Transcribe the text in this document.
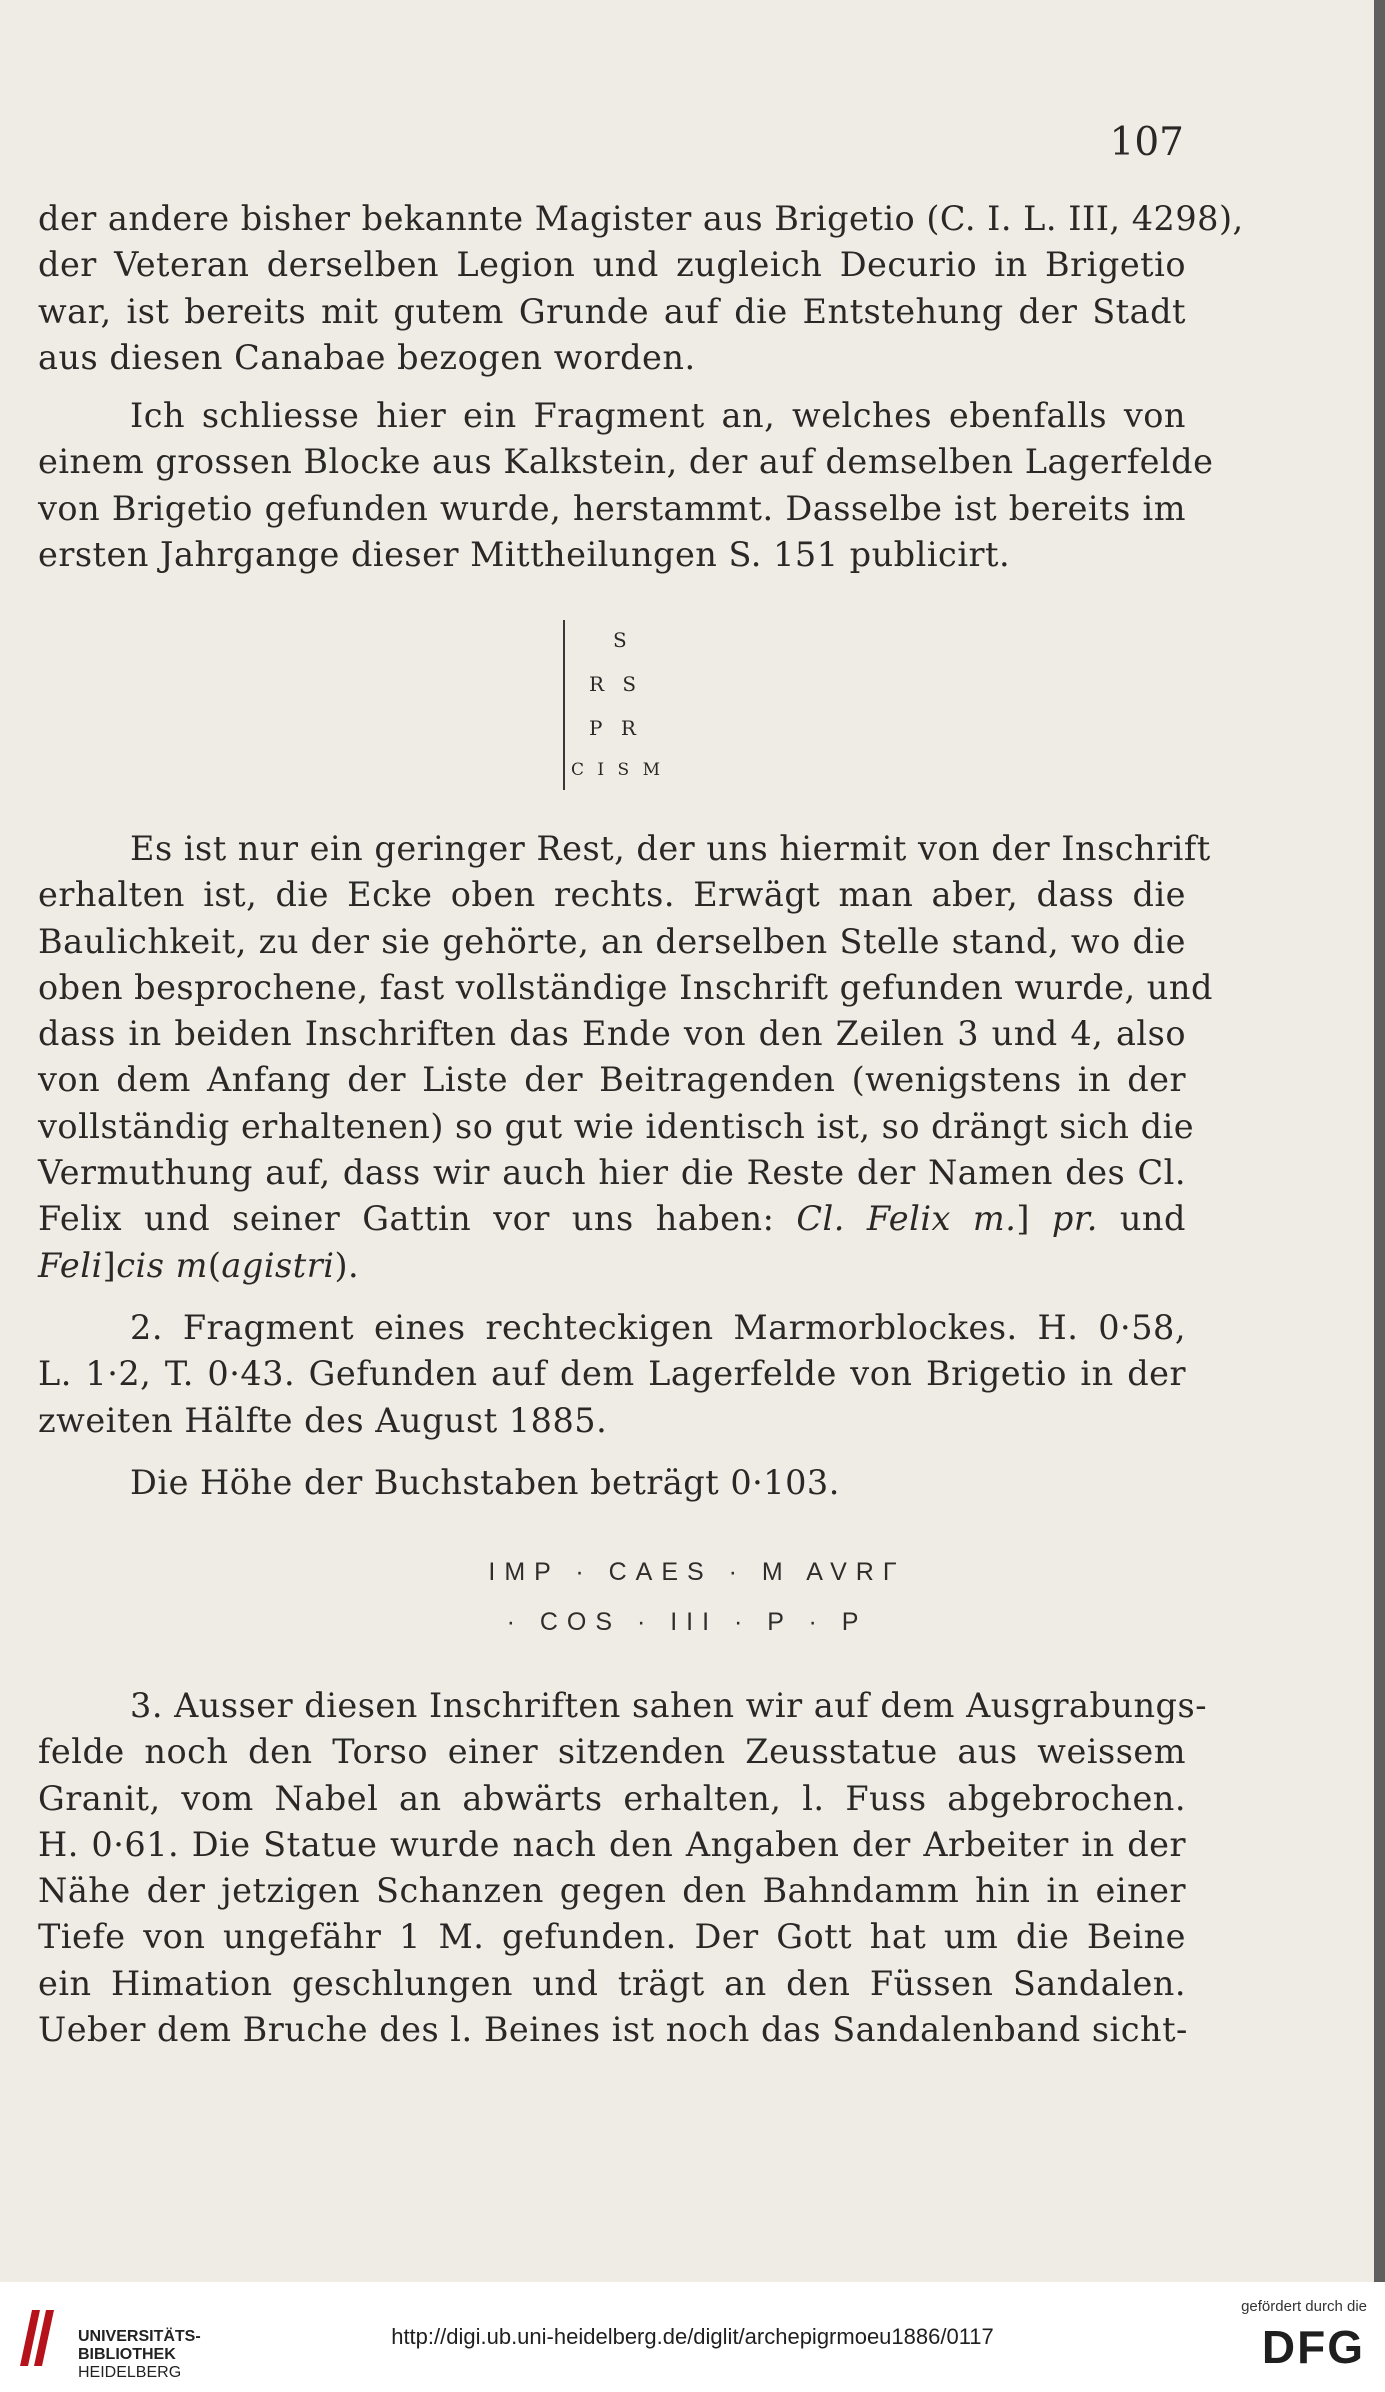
107
der andere bisher bekannte Magister aus Brigetio (C. I. L. III, 4298),
der Veteran derselben Legion und zugleich Decurio in Brigetio
war, ist bereits mit gutem Grunde auf die Entstehung der Stadt
aus diesen Canabae bezogen worden.
Ich schliesse hier ein Fragment an, welches ebenfalls von
einem grossen Blocke aus Kalkstein, der auf demselben Lagerfelde
von Brigetio gefunden wurde, herstammt. Dasselbe ist bereits im
ersten Jahrgange dieser Mittheilungen S. 151 publicirt.
S
R S
P R
C I S M
Es ist nur ein geringer Rest, der uns hiermit von der Inschrift
erhalten ist, die Ecke oben rechts. Erwägt man aber, dass die
Baulichkeit, zu der sie gehörte, an derselben Stelle stand, wo die
oben besprochene, fast vollständige Inschrift gefunden wurde, und
dass in beiden Inschriften das Ende von den Zeilen 3 und 4, also
von dem Anfang der Liste der Beitragenden (wenigstens in der
vollständig erhaltenen) so gut wie identisch ist, so drängt sich die
Vermuthung auf, dass wir auch hier die Reste der Namen des Cl.
Felix und seiner Gattin vor uns haben: Cl. Felix m.] pr. und
Feli]cis m(agistri).
2. Fragment eines rechteckigen Marmorblockes. H. 0·58,
L. 1·2, T. 0·43. Gefunden auf dem Lagerfelde von Brigetio in der
zweiten Hälfte des August 1885.
Die Höhe der Buchstaben beträgt 0·103.
IMP · CAES · M AVRΓ
· COS · III · P · P
3. Ausser diesen Inschriften sahen wir auf dem Ausgrabungs-
felde noch den Torso einer sitzenden Zeusstatue aus weissem
Granit, vom Nabel an abwärts erhalten, l. Fuss abgebrochen.
H. 0·61. Die Statue wurde nach den Angaben der Arbeiter in der
Nähe der jetzigen Schanzen gegen den Bahndamm hin in einer
Tiefe von ungefähr 1 M. gefunden. Der Gott hat um die Beine
ein Himation geschlungen und trägt an den Füssen Sandalen.
Ueber dem Bruche des l. Beines ist noch das Sandalenband sicht-
UNIVERSITÄTS-
BIBLIOTHEK
HEIDELBERG
http://digi.ub.uni-heidelberg.de/diglit/archepigrmoeu1886/0117
gefördert durch die
DFG
